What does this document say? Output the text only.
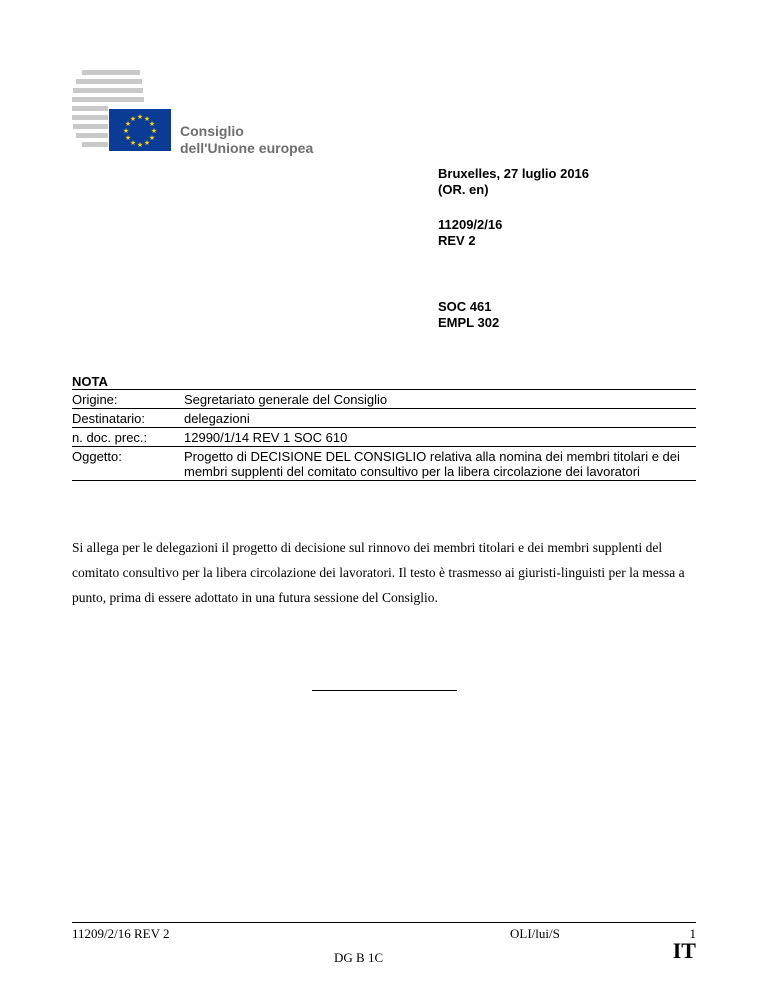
★ ★
★
★
★
★
★
★
★
★
★
★
Consiglio
dell'Unione europea
Bruxelles, 27 luglio 2016
(OR. en)
11209/2/16
REV 2
SOC 461
EMPL 302
NOTA
Origine:	Segretariato generale del Consiglio
Destinatario:	delegazioni
n. doc. prec.:	12990/1/14 REV 1 SOC 610
Oggetto:	Progetto di DECISIONE DEL CONSIGLIO relativa alla nomina dei membri titolari e dei membri supplenti del comitato consultivo per la libera circolazione dei lavoratori
Si allega per le delegazioni il progetto di decisione sul rinnovo dei membri titolari e dei membri supplenti del comitato consultivo per la libera circolazione dei lavoratori. Il testo è trasmesso ai giuristi-linguisti per la messa a punto, prima di essere adottato in una futura sessione del Consiglio.
11209/2/16 REV 2
DG B 1C
OLI/lui/S	1
IT
